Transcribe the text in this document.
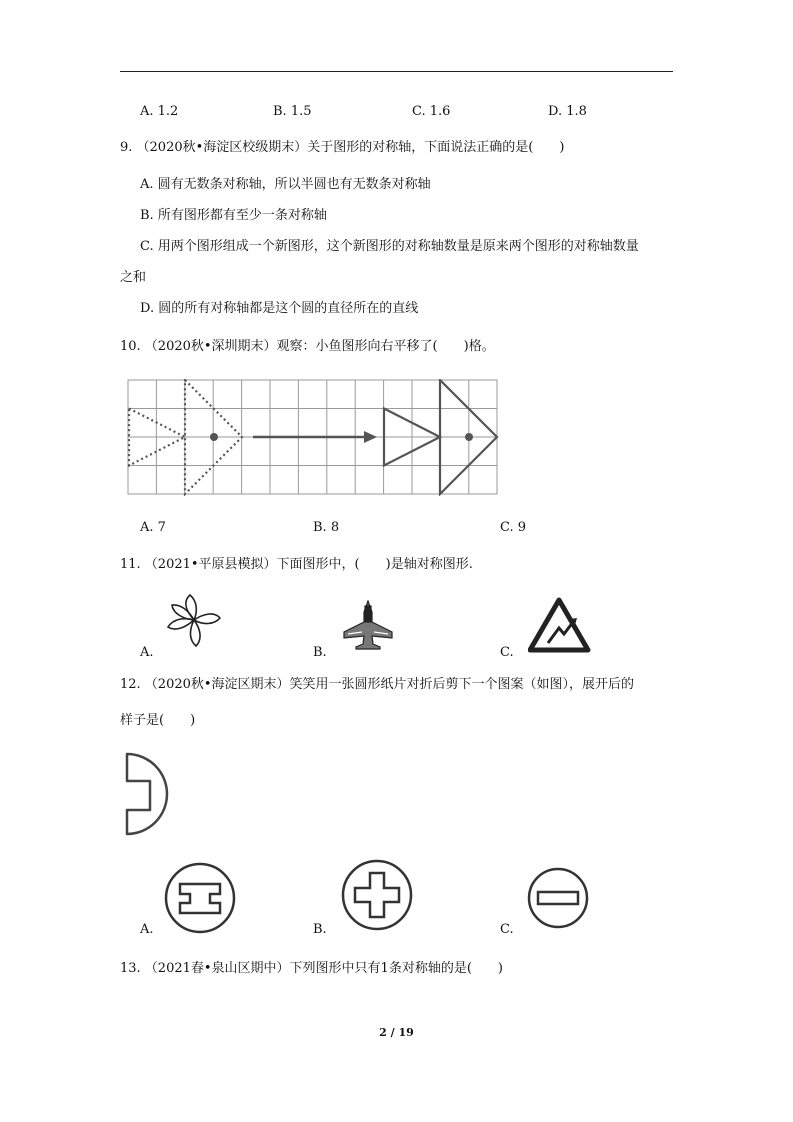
A. 1.2	B. 1.5	C. 1.6	D. 1.8
9. （2020秋•海淀区校级期末）关于图形的对称轴，下面说法正确的是(　　)
A. 圆有无数条对称轴，所以半圆也有无数条对称轴
B. 所有图形都有至少一条对称轴
C. 用两个图形组成一个新图形，这个新图形的对称轴数量是原来两个图形的对称轴数量
之和
D. 圆的所有对称轴都是这个圆的直径所在的直线
10. （2020秋•深圳期末）观察：小鱼图形向右平移了(　　)格。
A. 7	B. 8	C. 9
11. （2021•平原县模拟）下面图形中，(　　)是轴对称图形.
A.	B.	C.
12. （2020秋•海淀区期末）笑笑用一张圆形纸片对折后剪下一个图案（如图），展开后的
样子是(　　)
A.	B.	C.
13. （2021春•泉山区期中）下列图形中只有1条对称轴的是(　　)
2 / 19
